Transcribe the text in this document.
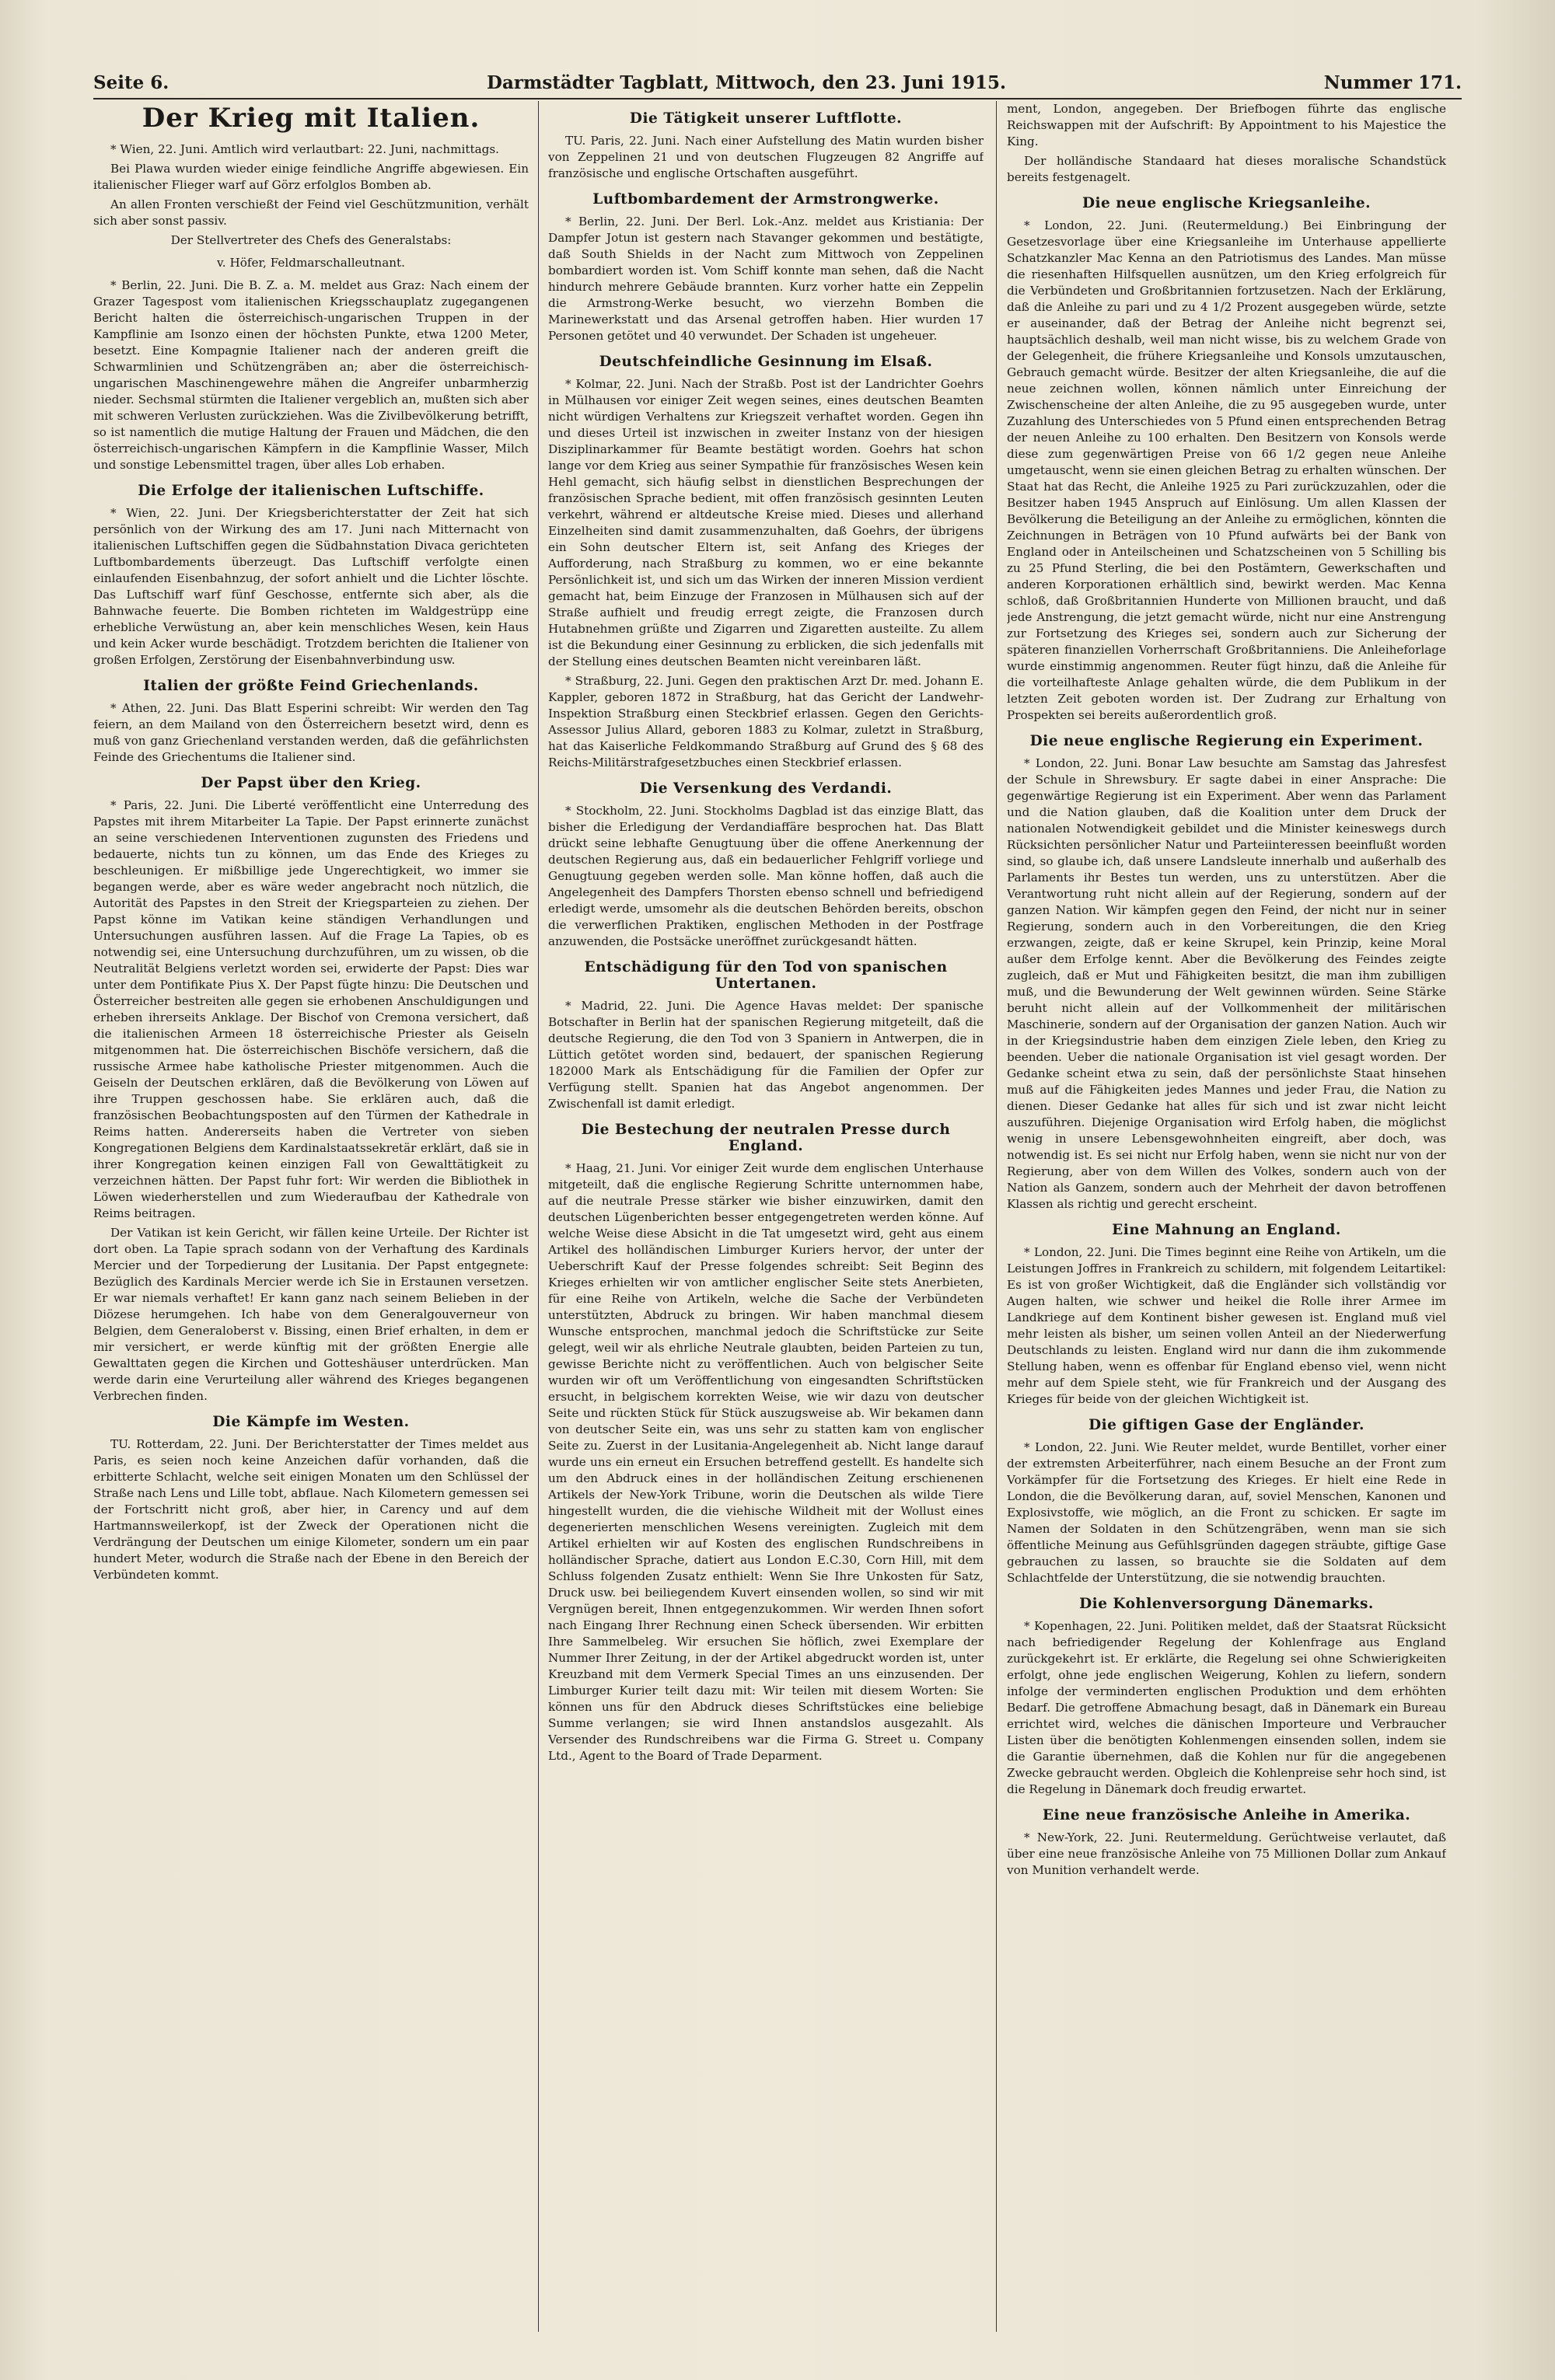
Seite 6.	Darmstädter Tagblatt, Mittwoch, den 23. Juni 1915.	Nummer 171.
Der Krieg mit Italien.

* Wien, 22. Juni. Amtlich wird verlautbart: 22. Juni, nachmittags.

Bei Plawa wurden wieder einige feindliche Angriffe abgewiesen. Ein italienischer Flieger warf auf Görz erfolglos Bomben ab.

An allen Fronten verschießt der Feind viel Geschützmunition, verhält sich aber sonst passiv.

Der Stellvertreter des Chefs des Generalstabs:

v. Höfer, Feldmarschalleutnant.

* Berlin, 22. Juni. Die B. Z. a. M. meldet aus Graz: Nach einem der Grazer Tagespost vom italienischen Kriegsschauplatz zugegangenen Bericht halten die österreichisch-ungarischen Truppen in der Kampflinie am Isonzo einen der höchsten Punkte, etwa 1200 Meter, besetzt. Eine Kompagnie Italiener nach der anderen greift die Schwarmlinien und Schützengräben an; aber die österreichisch-ungarischen Maschinengewehre mähen die Angreifer unbarmherzig nieder. Sechsmal stürmten die Italiener vergeblich an, mußten sich aber mit schweren Verlusten zurückziehen. Was die Zivilbevölkerung betrifft, so ist namentlich die mutige Haltung der Frauen und Mädchen, die den österreichisch-ungarischen Kämpfern in die Kampflinie Wasser, Milch und sonstige Lebensmittel tragen, über alles Lob erhaben.

Die Erfolge der italienischen Luftschiffe.

* Wien, 22. Juni. Der Kriegsberichterstatter der Zeit hat sich persönlich von der Wirkung des am 17. Juni nach Mitternacht von italienischen Luftschiffen gegen die Südbahnstation Divaca gerichteten Luftbombardements überzeugt. Das Luftschiff verfolgte einen einlaufenden Eisenbahnzug, der sofort anhielt und die Lichter löschte. Das Luftschiff warf fünf Geschosse, entfernte sich aber, als die Bahnwache feuerte. Die Bomben richteten im Waldgestrüpp eine erhebliche Verwüstung an, aber kein menschliches Wesen, kein Haus und kein Acker wurde beschädigt. Trotzdem berichten die Italiener von großen Erfolgen, Zerstörung der Eisenbahnverbindung usw.

Italien der größte Feind Griechenlands.

* Athen, 22. Juni. Das Blatt Esperini schreibt: Wir werden den Tag feiern, an dem Mailand von den Österreichern besetzt wird, denn es muß von ganz Griechenland verstanden werden, daß die gefährlichsten Feinde des Griechentums die Italiener sind.

Der Papst über den Krieg.

* Paris, 22. Juni. Die Liberté veröffentlicht eine Unterredung des Papstes mit ihrem Mitarbeiter La Tapie. Der Papst erinnerte zunächst an seine verschiedenen Interventionen zugunsten des Friedens und bedauerte, nichts tun zu können, um das Ende des Krieges zu beschleunigen. Er mißbillige jede Ungerechtigkeit, wo immer sie begangen werde, aber es wäre weder angebracht noch nützlich, die Autorität des Papstes in den Streit der Kriegsparteien zu ziehen. Der Papst könne im Vatikan keine ständigen Verhandlungen und Untersuchungen ausführen lassen. Auf die Frage La Tapies, ob es notwendig sei, eine Untersuchung durchzuführen, um zu wissen, ob die Neutralität Belgiens verletzt worden sei, erwiderte der Papst: Dies war unter dem Pontifikate Pius X. Der Papst fügte hinzu: Die Deutschen und Österreicher bestreiten alle gegen sie erhobenen Anschuldigungen und erheben ihrerseits Anklage. Der Bischof von Cremona versichert, daß die italienischen Armeen 18 österreichische Priester als Geiseln mitgenommen hat. Die österreichischen Bischöfe versichern, daß die russische Armee habe katholische Priester mitgenommen. Auch die Geiseln der Deutschen erklären, daß die Bevölkerung von Löwen auf ihre Truppen geschossen habe. Sie erklären auch, daß die französischen Beobachtungsposten auf den Türmen der Kathedrale in Reims hatten. Andererseits haben die Vertreter von sieben Kongregationen Belgiens dem Kardinalstaatssekretär erklärt, daß sie in ihrer Kongregation keinen einzigen Fall von Gewalttätigkeit zu verzeichnen hätten. Der Papst fuhr fort: Wir werden die Bibliothek in Löwen wiederherstellen und zum Wiederaufbau der Kathedrale von Reims beitragen.

Der Vatikan ist kein Gericht, wir fällen keine Urteile. Der Richter ist dort oben. La Tapie sprach sodann von der Verhaftung des Kardinals Mercier und der Torpedierung der Lusitania. Der Papst entgegnete: Bezüglich des Kardinals Mercier werde ich Sie in Erstaunen versetzen. Er war niemals verhaftet! Er kann ganz nach seinem Belieben in der Diözese herumgehen. Ich habe von dem Generalgouverneur von Belgien, dem Generaloberst v. Bissing, einen Brief erhalten, in dem er mir versichert, er werde künftig mit der größten Energie alle Gewalttaten gegen die Kirchen und Gotteshäuser unterdrücken. Man werde darin eine Verurteilung aller während des Krieges begangenen Verbrechen finden.

Die Kämpfe im Westen.

TU. Rotterdam, 22. Juni. Der Berichterstatter der Times meldet aus Paris, es seien noch keine Anzeichen dafür vorhanden, daß die erbitterte Schlacht, welche seit einigen Monaten um den Schlüssel der Straße nach Lens und Lille tobt, abflaue. Nach Kilometern gemessen sei der Fortschritt nicht groß, aber hier, in Carency und auf dem Hartmannsweilerkopf, ist der Zweck der Operationen nicht die Verdrängung der Deutschen um einige Kilometer, sondern um ein paar hundert Meter, wodurch die Straße nach der Ebene in den Bereich der Verbündeten kommt.

Die Tätigkeit unserer Luftflotte.

TU. Paris, 22. Juni. Nach einer Aufstellung des Matin wurden bisher von Zeppelinen 21 und von deutschen Flugzeugen 82 Angriffe auf französische und englische Ortschaften ausgeführt.

Luftbombardement der Armstrongwerke.

* Berlin, 22. Juni. Der Berl. Lok.-Anz. meldet aus Kristiania: Der Dampfer Jotun ist gestern nach Stavanger gekommen und bestätigte, daß South Shields in der Nacht zum Mittwoch von Zeppelinen bombardiert worden ist. Vom Schiff konnte man sehen, daß die Nacht hindurch mehrere Gebäude brannten. Kurz vorher hatte ein Zeppelin die Armstrong-Werke besucht, wo vierzehn Bomben die Marinewerkstatt und das Arsenal getroffen haben. Hier wurden 17 Personen getötet und 40 verwundet. Der Schaden ist ungeheuer.

Deutschfeindliche Gesinnung im Elsaß.

* Kolmar, 22. Juni. Nach der Straßb. Post ist der Landrichter Goehrs in Mülhausen vor einiger Zeit wegen seines, eines deutschen Beamten nicht würdigen Verhaltens zur Kriegszeit verhaftet worden. Gegen ihn und dieses Urteil ist inzwischen in zweiter Instanz von der hiesigen Disziplinarkammer für Beamte bestätigt worden. Goehrs hat schon lange vor dem Krieg aus seiner Sympathie für französisches Wesen kein Hehl gemacht, sich häufig selbst in dienstlichen Besprechungen der französischen Sprache bedient, mit offen französisch gesinnten Leuten verkehrt, während er altdeutsche Kreise mied. Dieses und allerhand Einzelheiten sind damit zusammenzuhalten, daß Goehrs, der übrigens ein Sohn deutscher Eltern ist, seit Anfang des Krieges der Aufforderung, nach Straßburg zu kommen, wo er eine bekannte Persönlichkeit ist, und sich um das Wirken der inneren Mission verdient gemacht hat, beim Einzuge der Franzosen in Mülhausen sich auf der Straße aufhielt und freudig erregt zeigte, die Franzosen durch Hutabnehmen grüßte und Zigarren und Zigaretten austeilte. Zu allem ist die Bekundung einer Gesinnung zu erblicken, die sich jedenfalls mit der Stellung eines deutschen Beamten nicht vereinbaren läßt.

* Straßburg, 22. Juni. Gegen den praktischen Arzt Dr. med. Johann E. Kappler, geboren 1872 in Straßburg, hat das Gericht der Landwehr-Inspektion Straßburg einen Steckbrief erlassen. Gegen den Gerichts-Assessor Julius Allard, geboren 1883 zu Kolmar, zuletzt in Straßburg, hat das Kaiserliche Feldkommando Straßburg auf Grund des § 68 des Reichs-Militärstrafgesetzbuches einen Steckbrief erlassen.

Die Versenkung des Verdandi.

* Stockholm, 22. Juni. Stockholms Dagblad ist das einzige Blatt, das bisher die Erledigung der Verdandiaffäre besprochen hat. Das Blatt drückt seine lebhafte Genugtuung über die offene Anerkennung der deutschen Regierung aus, daß ein bedauerlicher Fehlgriff vorliege und Genugtuung gegeben werden solle. Man könne hoffen, daß auch die Angelegenheit des Dampfers Thorsten ebenso schnell und befriedigend erledigt werde, umsomehr als die deutschen Behörden bereits, obschon die verwerflichen Praktiken, englischen Methoden in der Postfrage anzuwenden, die Postsäcke uneröffnet zurückgesandt hätten.

Entschädigung für den Tod von spanischen Untertanen.

* Madrid, 22. Juni. Die Agence Havas meldet: Der spanische Botschafter in Berlin hat der spanischen Regierung mitgeteilt, daß die deutsche Regierung, die den Tod von 3 Spaniern in Antwerpen, die in Lüttich getötet worden sind, bedauert, der spanischen Regierung 182000 Mark als Entschädigung für die Familien der Opfer zur Verfügung stellt. Spanien hat das Angebot angenommen. Der Zwischenfall ist damit erledigt.

Die Bestechung der neutralen Presse durch England.

* Haag, 21. Juni. Vor einiger Zeit wurde dem englischen Unterhause mitgeteilt, daß die englische Regierung Schritte unternommen habe, auf die neutrale Presse stärker wie bisher einzuwirken, damit den deutschen Lügenberichten besser entgegengetreten werden könne. Auf welche Weise diese Absicht in die Tat umgesetzt wird, geht aus einem Artikel des holländischen Limburger Kuriers hervor, der unter der Ueberschrift Kauf der Presse folgendes schreibt: Seit Beginn des Krieges erhielten wir von amtlicher englischer Seite stets Anerbieten, für eine Reihe von Artikeln, welche die Sache der Verbündeten unterstützten, Abdruck zu bringen. Wir haben manchmal diesem Wunsche entsprochen, manchmal jedoch die Schriftstücke zur Seite gelegt, weil wir als ehrliche Neutrale glaubten, beiden Parteien zu tun, gewisse Berichte nicht zu veröffentlichen. Auch von belgischer Seite wurden wir oft um Veröffentlichung von eingesandten Schriftstücken ersucht, in belgischem korrekten Weise, wie wir dazu von deutscher Seite und rückten Stück für Stück auszugsweise ab. Wir bekamen dann von deutscher Seite ein, was uns sehr zu statten kam von englischer Seite zu. Zuerst in der Lusitania-Angelegenheit ab. Nicht lange darauf wurde uns ein erneut ein Ersuchen betreffend gestellt. Es handelte sich um den Abdruck eines in der holländischen Zeitung erschienenen Artikels der New-York Tribune, worin die Deutschen als wilde Tiere hingestellt wurden, die die viehische Wildheit mit der Wollust eines degenerierten menschlichen Wesens vereinigten. Zugleich mit dem Artikel erhielten wir auf Kosten des englischen Rundschreibens in holländischer Sprache, datiert aus London E.C.30, Corn Hill, mit dem Schluss folgenden Zusatz enthielt: Wenn Sie Ihre Unkosten für Satz, Druck usw. bei beiliegendem Kuvert einsenden wollen, so sind wir mit Vergnügen bereit, Ihnen entgegenzukommen. Wir werden Ihnen sofort nach Eingang Ihrer Rechnung einen Scheck übersenden. Wir erbitten Ihre Sammelbeleg. Wir ersuchen Sie höflich, zwei Exemplare der Nummer Ihrer Zeitung, in der der Artikel abgedruckt worden ist, unter Kreuzband mit dem Vermerk Special Times an uns einzusenden. Der Limburger Kurier teilt dazu mit: Wir teilen mit diesem Worten: Sie können uns für den Abdruck dieses Schriftstückes eine beliebige Summe verlangen; sie wird Ihnen anstandslos ausgezahlt. Als Versender des Rundschreibens war die Firma G. Street u. Company Ltd., Agent to the Board of Trade Deparment.

ment, London, angegeben. Der Briefbogen führte das englische Reichswappen mit der Aufschrift: By Appointment to his Majestice the King.

Der holländische Standaard hat dieses moralische Schandstück bereits festgenagelt.

Die neue englische Kriegsanleihe.

* London, 22. Juni. (Reutermeldung.) Bei Einbringung der Gesetzesvorlage über eine Kriegsanleihe im Unterhause appellierte Schatzkanzler Mac Kenna an den Patriotismus des Landes. Man müsse die riesenhaften Hilfsquellen ausnützen, um den Krieg erfolgreich für die Verbündeten und Großbritannien fortzusetzen. Nach der Erklärung, daß die Anleihe zu pari und zu 4 1/2 Prozent ausgegeben würde, setzte er auseinander, daß der Betrag der Anleihe nicht begrenzt sei, hauptsächlich deshalb, weil man nicht wisse, bis zu welchem Grade von der Gelegenheit, die frühere Kriegsanleihe und Konsols umzutauschen, Gebrauch gemacht würde. Besitzer der alten Kriegsanleihe, die auf die neue zeichnen wollen, können nämlich unter Einreichung der Zwischenscheine der alten Anleihe, die zu 95 ausgegeben wurde, unter Zuzahlung des Unterschiedes von 5 Pfund einen entsprechenden Betrag der neuen Anleihe zu 100 erhalten. Den Besitzern von Konsols werde diese zum gegenwärtigen Preise von 66 1/2 gegen neue Anleihe umgetauscht, wenn sie einen gleichen Betrag zu erhalten wünschen. Der Staat hat das Recht, die Anleihe 1925 zu Pari zurückzuzahlen, oder die Besitzer haben 1945 Anspruch auf Einlösung. Um allen Klassen der Bevölkerung die Beteiligung an der Anleihe zu ermöglichen, könnten die Zeichnungen in Beträgen von 10 Pfund aufwärts bei der Bank von England oder in Anteilscheinen und Schatzscheinen von 5 Schilling bis zu 25 Pfund Sterling, die bei den Postämtern, Gewerkschaften und anderen Korporationen erhältlich sind, bewirkt werden. Mac Kenna schloß, daß Großbritannien Hunderte von Millionen braucht, und daß jede Anstrengung, die jetzt gemacht würde, nicht nur eine Anstrengung zur Fortsetzung des Krieges sei, sondern auch zur Sicherung der späteren finanziellen Vorherrschaft Großbritanniens. Die Anleiheforlage wurde einstimmig angenommen. Reuter fügt hinzu, daß die Anleihe für die vorteilhafteste Anlage gehalten würde, die dem Publikum in der letzten Zeit geboten worden ist. Der Zudrang zur Erhaltung von Prospekten sei bereits außerordentlich groß.

Die neue englische Regierung ein Experiment.

* London, 22. Juni. Bonar Law besuchte am Samstag das Jahresfest der Schule in Shrewsbury. Er sagte dabei in einer Ansprache: Die gegenwärtige Regierung ist ein Experiment. Aber wenn das Parlament und die Nation glauben, daß die Koalition unter dem Druck der nationalen Notwendigkeit gebildet und die Minister keineswegs durch Rücksichten persönlicher Natur und Parteiinteressen beeinflußt worden sind, so glaube ich, daß unsere Landsleute innerhalb und außerhalb des Parlaments ihr Bestes tun werden, uns zu unterstützen. Aber die Verantwortung ruht nicht allein auf der Regierung, sondern auf der ganzen Nation. Wir kämpfen gegen den Feind, der nicht nur in seiner Regierung, sondern auch in den Vorbereitungen, die den Krieg erzwangen, zeigte, daß er keine Skrupel, kein Prinzip, keine Moral außer dem Erfolge kennt. Aber die Bevölkerung des Feindes zeigte zugleich, daß er Mut und Fähigkeiten besitzt, die man ihm zubilligen muß, und die Bewunderung der Welt gewinnen würden. Seine Stärke beruht nicht allein auf der Vollkommenheit der militärischen Maschinerie, sondern auf der Organisation der ganzen Nation. Auch wir in der Kriegsindustrie haben dem einzigen Ziele leben, den Krieg zu beenden. Ueber die nationale Organisation ist viel gesagt worden. Der Gedanke scheint etwa zu sein, daß der persönlichste Staat hinsehen muß auf die Fähigkeiten jedes Mannes und jeder Frau, die Nation zu dienen. Dieser Gedanke hat alles für sich und ist zwar nicht leicht auszuführen. Diejenige Organisation wird Erfolg haben, die möglichst wenig in unsere Lebensgewohnheiten eingreift, aber doch, was notwendig ist. Es sei nicht nur Erfolg haben, wenn sie nicht nur von der Regierung, aber von dem Willen des Volkes, sondern auch von der Nation als Ganzem, sondern auch der Mehrheit der davon betroffenen Klassen als richtig und gerecht erscheint.

Eine Mahnung an England.

* London, 22. Juni. Die Times beginnt eine Reihe von Artikeln, um die Leistungen Joffres in Frankreich zu schildern, mit folgendem Leitartikel: Es ist von großer Wichtigkeit, daß die Engländer sich vollständig vor Augen halten, wie schwer und heikel die Rolle ihrer Armee im Landkriege auf dem Kontinent bisher gewesen ist. England muß viel mehr leisten als bisher, um seinen vollen Anteil an der Niederwerfung Deutschlands zu leisten. England wird nur dann die ihm zukommende Stellung haben, wenn es offenbar für England ebenso viel, wenn nicht mehr auf dem Spiele steht, wie für Frankreich und der Ausgang des Krieges für beide von der gleichen Wichtigkeit ist.

Die giftigen Gase der Engländer.

* London, 22. Juni. Wie Reuter meldet, wurde Bentillet, vorher einer der extremsten Arbeiterführer, nach einem Besuche an der Front zum Vorkämpfer für die Fortsetzung des Krieges. Er hielt eine Rede in London, die die Bevölkerung daran, auf, soviel Menschen, Kanonen und Explosivstoffe, wie möglich, an die Front zu schicken. Er sagte im Namen der Soldaten in den Schützengräben, wenn man sie sich öffentliche Meinung aus Gefühlsgründen dagegen sträubte, giftige Gase gebrauchen zu lassen, so brauchte sie die Soldaten auf dem Schlachtfelde der Unterstützung, die sie notwendig brauchten.

Die Kohlenversorgung Dänemarks.

* Kopenhagen, 22. Juni. Politiken meldet, daß der Staatsrat Rücksicht nach befriedigender Regelung der Kohlenfrage aus England zurückgekehrt ist. Er erklärte, die Regelung sei ohne Schwierigkeiten erfolgt, ohne jede englischen Weigerung, Kohlen zu liefern, sondern infolge der verminderten englischen Produktion und dem erhöhten Bedarf. Die getroffene Abmachung besagt, daß in Dänemark ein Bureau errichtet wird, welches die dänischen Importeure und Verbraucher Listen über die benötigten Kohlenmengen einsenden sollen, indem sie die Garantie übernehmen, daß die Kohlen nur für die angegebenen Zwecke gebraucht werden. Obgleich die Kohlenpreise sehr hoch sind, ist die Regelung in Dänemark doch freudig erwartet.

Eine neue französische Anleihe in Amerika.

* New-York, 22. Juni. Reutermeldung. Gerüchtweise verlautet, daß über eine neue französische Anleihe von 75 Millionen Dollar zum Ankauf von Munition verhandelt werde.
